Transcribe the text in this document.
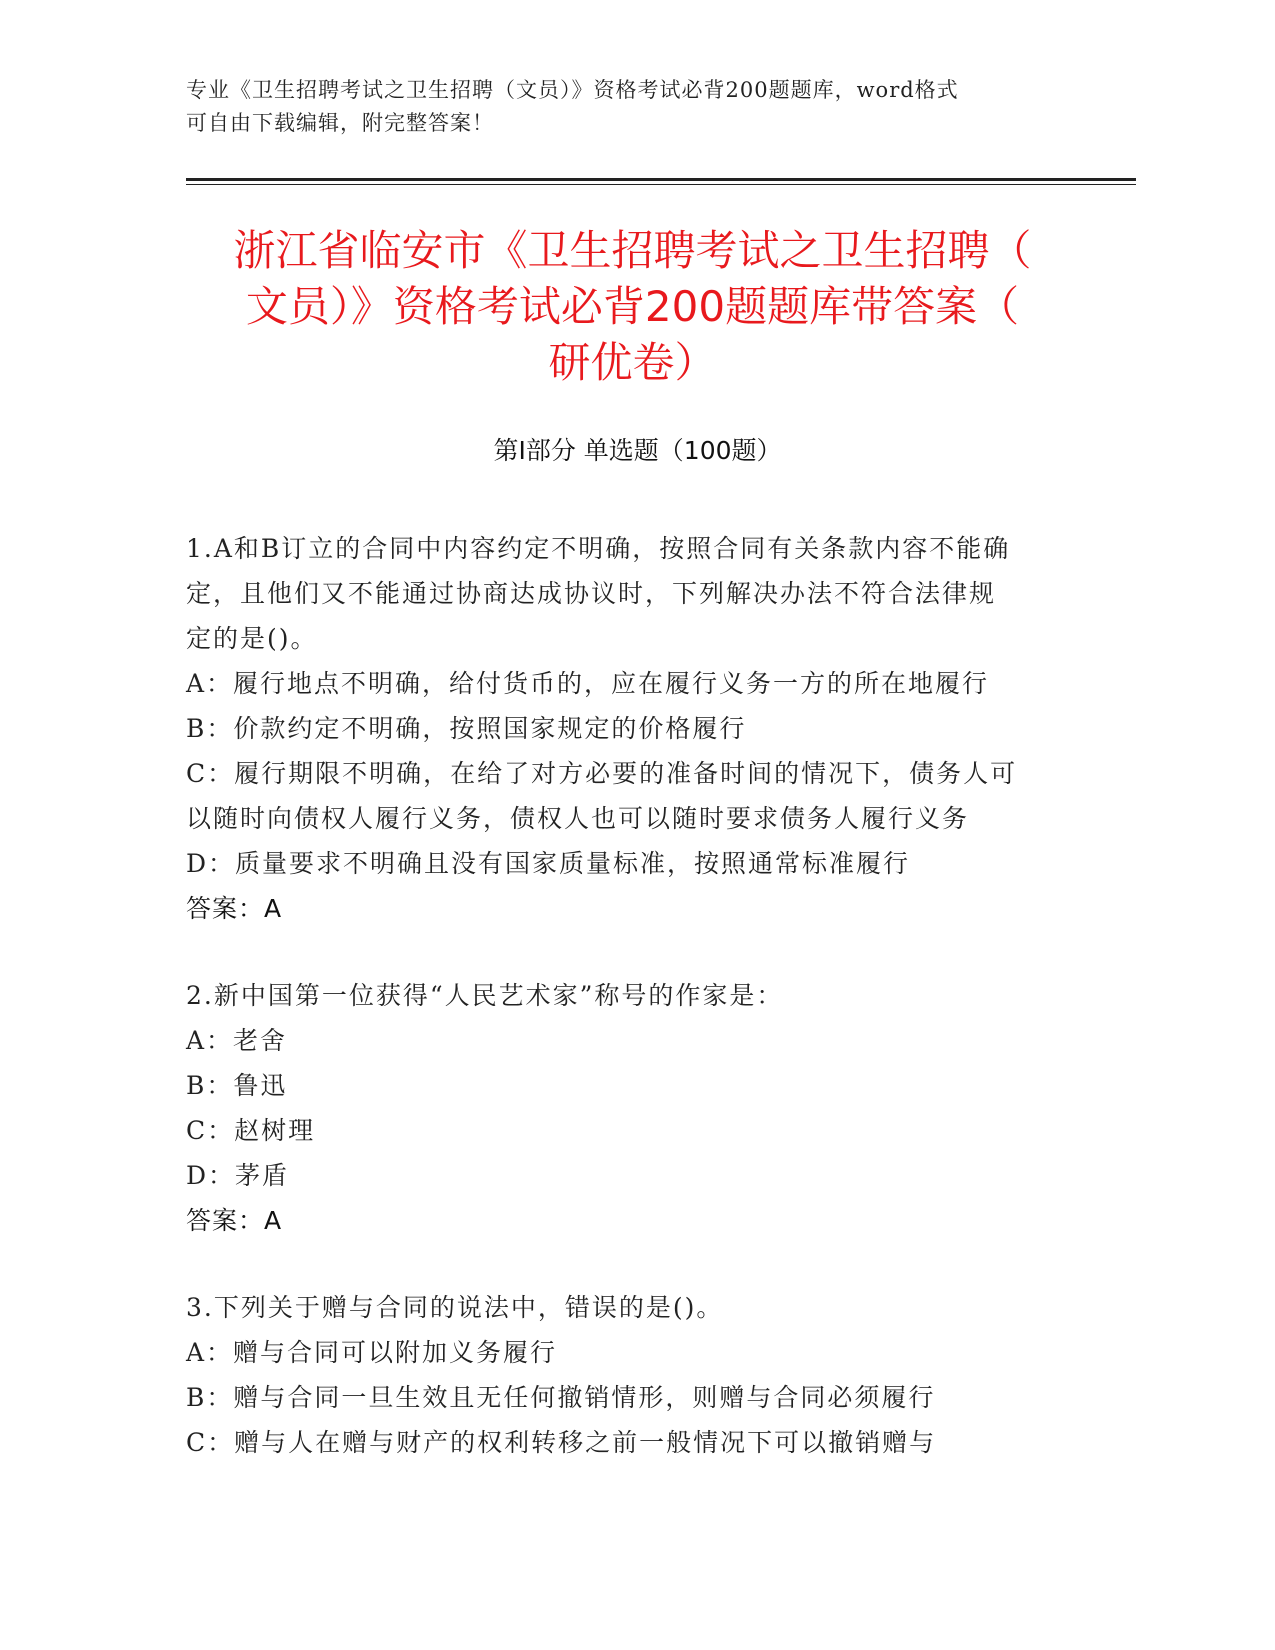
专业《卫生招聘考试之卫生招聘（文员）》资格考试必背200题题库，word格式
可自由下载编辑，附完整答案！
浙江省临安市《卫生招聘考试之卫生招聘（
文员）》资格考试必背200题题库带答案（
研优卷）
第Ⅰ部分 单选题（100题）
1.A和B订立的合同中内容约定不明确，按照合同有关条款内容不能确
定，且他们又不能通过协商达成协议时，下列解决办法不符合法律规
定的是()。
A：履行地点不明确，给付货币的，应在履行义务一方的所在地履行
B：价款约定不明确，按照国家规定的价格履行
C：履行期限不明确，在给了对方必要的准备时间的情况下，债务人可
以随时向债权人履行义务，债权人也可以随时要求债务人履行义务
D：质量要求不明确且没有国家质量标准，按照通常标准履行
答案：A
2.新中国第一位获得“人民艺术家”称号的作家是：
A：老舍
B：鲁迅
C：赵树理
D：茅盾
答案：A
3.下列关于赠与合同的说法中，错误的是()。
A：赠与合同可以附加义务履行
B：赠与合同一旦生效且无任何撤销情形，则赠与合同必须履行
C：赠与人在赠与财产的权利转移之前一般情况下可以撤销赠与
